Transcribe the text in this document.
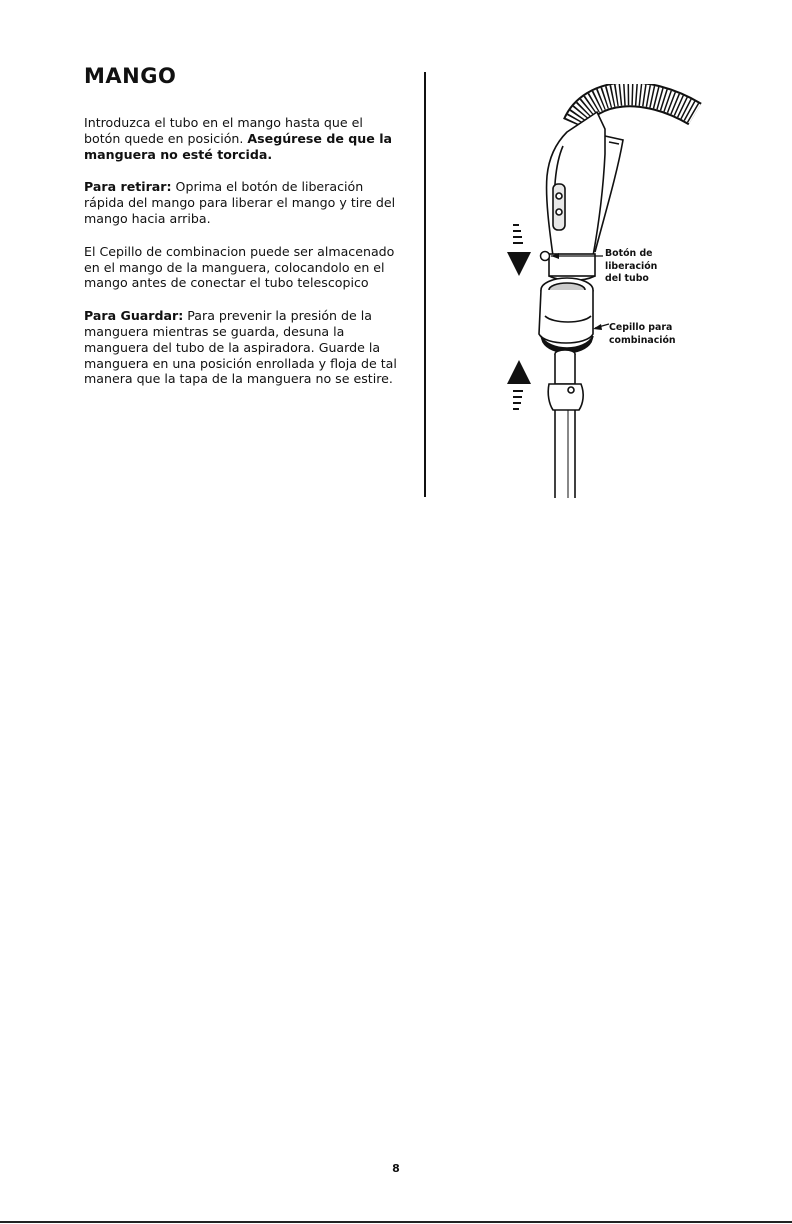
MANGO

Introduzca el tubo en el mango hasta que el
botón quede en posición. Asegúrese de que la
manguera no esté torcida.

Para retirar: Oprima el botón de liberación rápida del mango para liberar el mango y tire del mango hacia arriba.

El Cepillo de combinacion puede ser almacenado en el mango de la manguera, colocandolo en el mango antes de conectar el tubo telescopico

Para Guardar: Para prevenir la presión de la manguera mientras se guarda, desuna la manguera del tubo de la aspiradora. Guarde la manguera en una posición enrollada y floja de tal manera que la tapa de la manguera no se estire.

Botón de
liberación
del tubo
Cepillo para
combinación
8
